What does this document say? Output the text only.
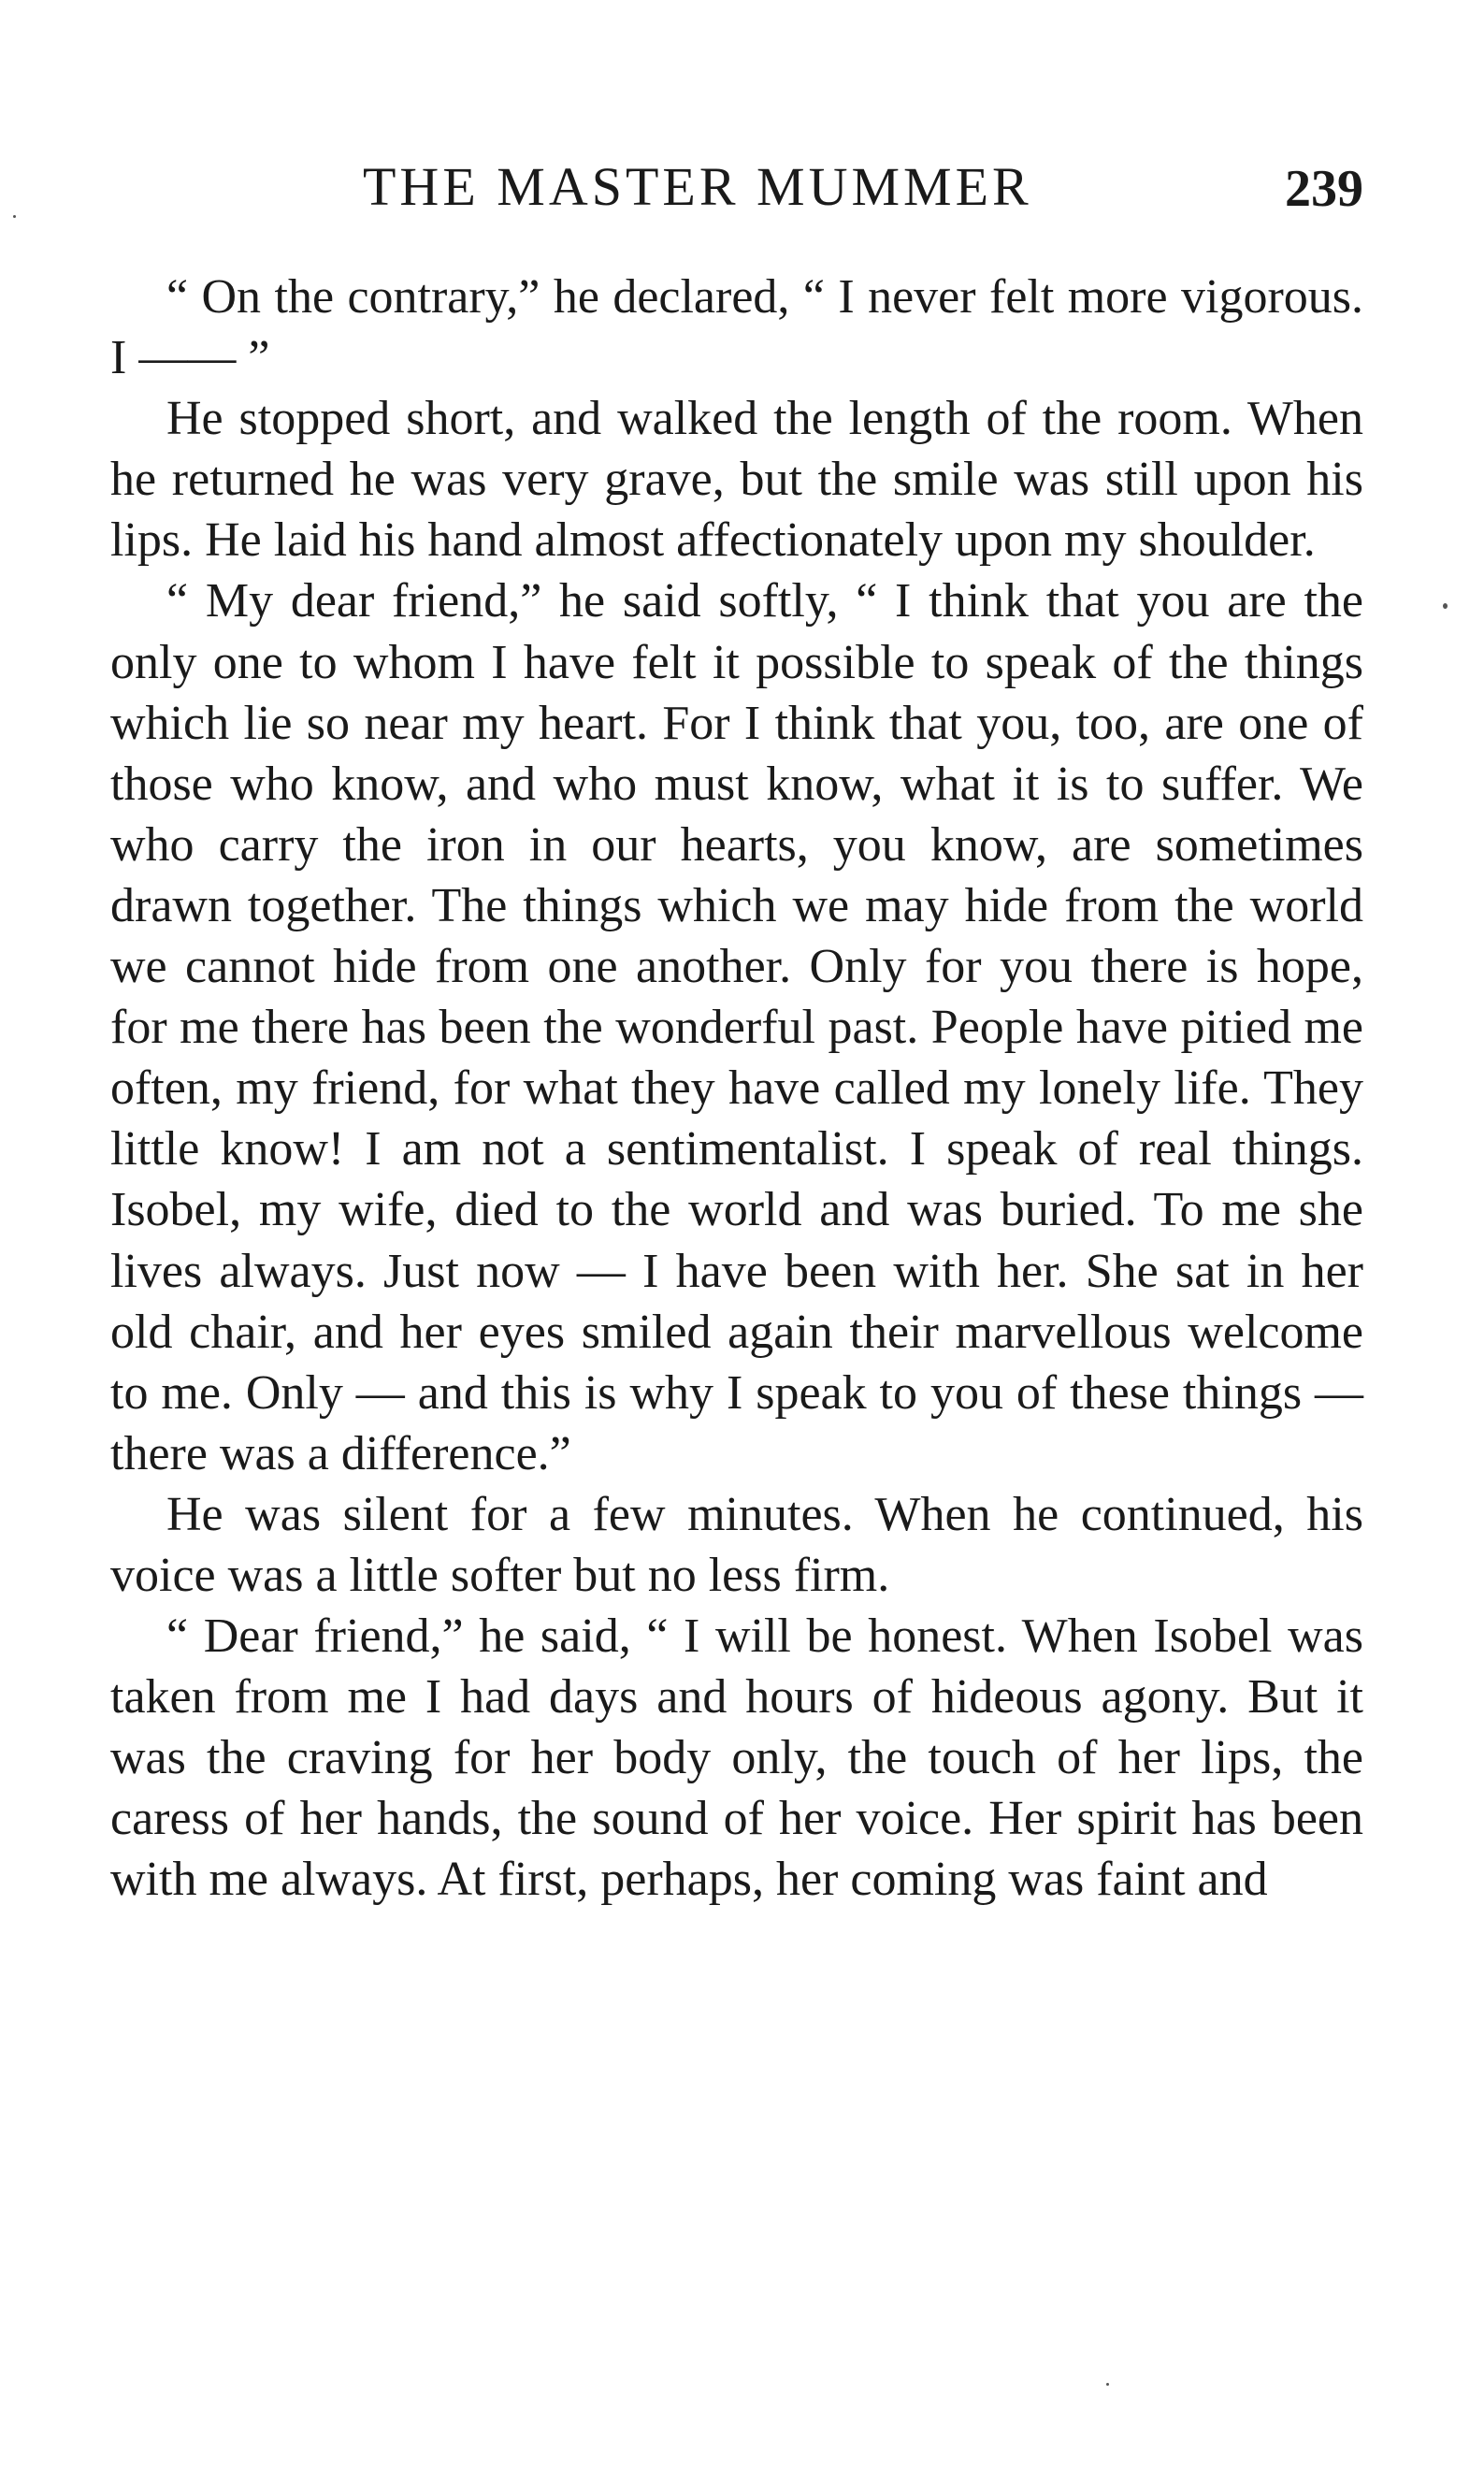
THE MASTER MUMMER	239

“ On the contrary,” he declared, “ I never felt more vigorous. I —— ”

He stopped short, and walked the length of the room. When he returned he was very grave, but the smile was still upon his lips. He laid his hand almost affectionately upon my shoulder.

“ My dear friend,” he said softly, “ I think that you are the only one to whom I have felt it possible to speak of the things which lie so near my heart. For I think that you, too, are one of those who know, and who must know, what it is to suffer. We who carry the iron in our hearts, you know, are sometimes drawn together. The things which we may hide from the world we cannot hide from one another. Only for you there is hope, for me there has been the wonderful past. People have pitied me often, my friend, for what they have called my lonely life. They little know! I am not a sentimentalist. I speak of real things. Isobel, my wife, died to the world and was buried. To me she lives always. Just now — I have been with her. She sat in her old chair, and her eyes smiled again their marvellous welcome to me. Only — and this is why I speak to you of these things — there was a difference.”

He was silent for a few minutes. When he continued, his voice was a little softer but no less firm.

“ Dear friend,” he said, “ I will be honest. When Isobel was taken from me I had days and hours of hideous agony. But it was the craving for her body only, the touch of her lips, the caress of her hands, the sound of her voice. Her spirit has been with me always. At first, perhaps, her coming was faint and
